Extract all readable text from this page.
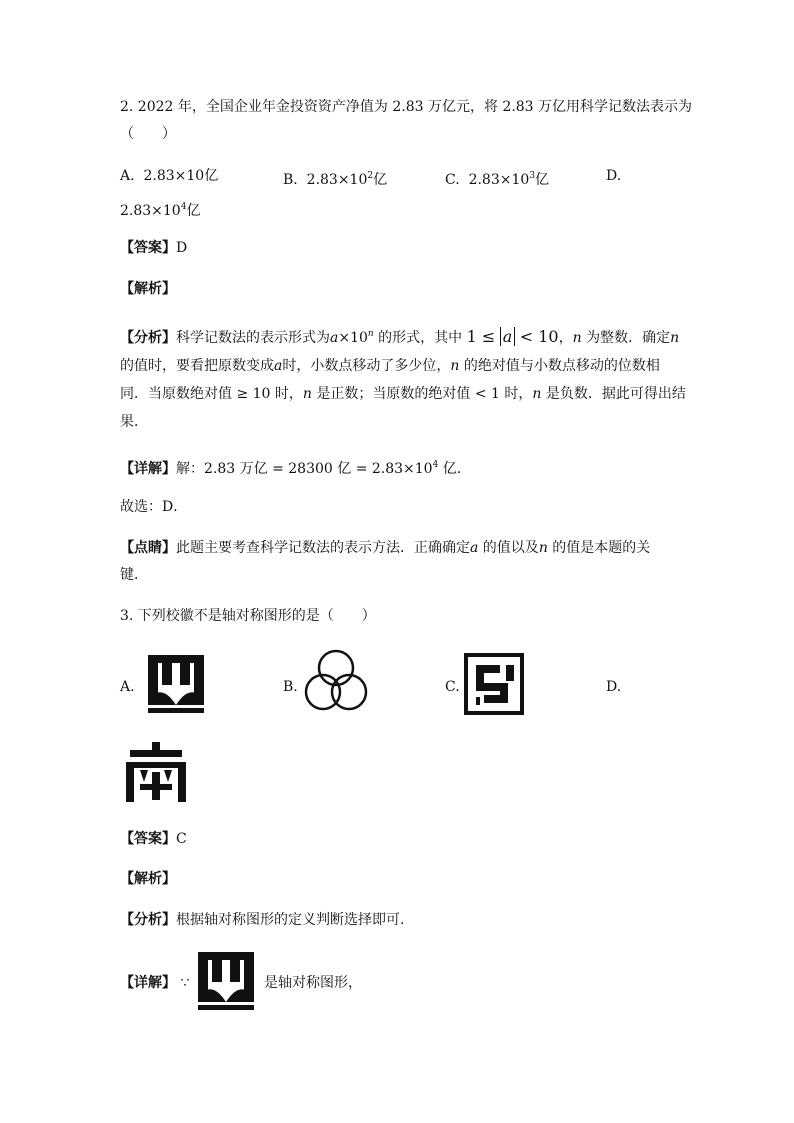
2. 2022 年，全国企业年金投资资产净值为 2.83 万亿元，将 2.83 万亿用科学记数法表示为
（　　）
A. 2.83×10亿	B. $2.83\times 10^2$亿	C. $2.83\times 10^3$亿	D.
$2.83\times 10^4$亿
【答案】D
【解析】
【分析】科学记数法的表示形式为$a\times 10^n$ 的形式，其中 1 ≤ a < 10，n 为整数．确定n
的值时，要看把原数变成a时，小数点移动了多少位，n 的绝对值与小数点移动的位数相
同．当原数绝对值 ≥ 10 时，n 是正数；当原数的绝对值 < 1 时，n 是负数．据此可得出结
果．
【详解】解：2.83 万亿 = 28300 亿 = $2.83\times 10^4$ 亿．
故选：D．
【点睛】此题主要考查科学记数法的表示方法．正确确定a 的值以及n 的值是本题的关
键．
3. 下列校徽不是轴对称图形的是（　　）
A.	B.	C.	D.
【答案】C
【解析】
【分析】根据轴对称图形的定义判断选择即可．
【详解】 ∵	是轴对称图形，
